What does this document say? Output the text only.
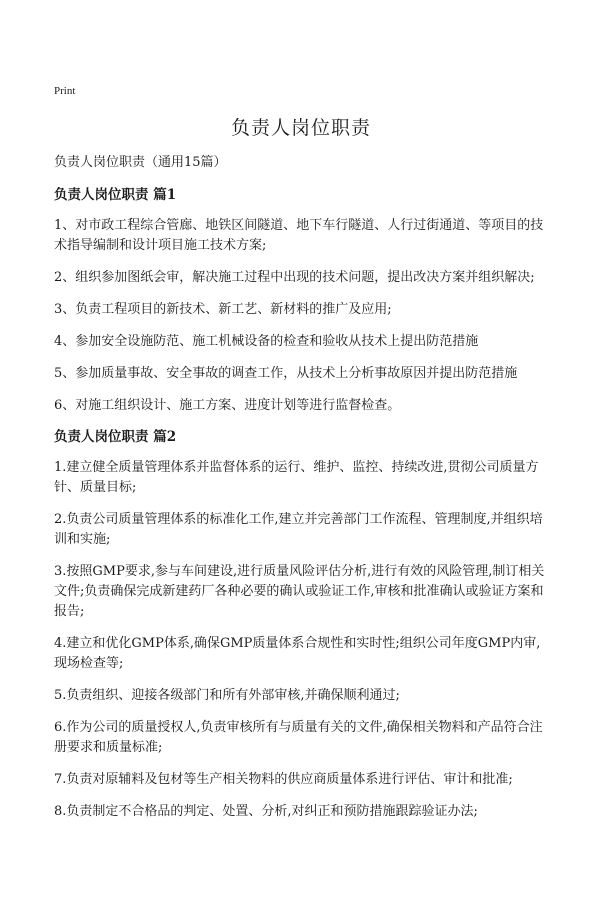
Print
负责人岗位职责
负责人岗位职责（通用15篇）
负责人岗位职责 篇1
1、对市政工程综合管廊、地铁区间隧道、地下车行隧道、人行过街通道、等项目的技术指导编制和设计项目施工技术方案;
2、组织参加图纸会审，解决施工过程中出现的技术问题，提出改决方案并组织解决;
3、负责工程项目的新技术、新工艺、新材料的推广及应用;
4、参加安全设施防范、施工机械设备的检查和验收从技术上提出防范措施
5、参加质量事故、安全事故的调查工作，从技术上分析事故原因并提出防范措施
6、对施工组织设计、施工方案、进度计划等进行监督检查。
负责人岗位职责 篇2
1.建立健全质量管理体系并监督体系的运行、维护、监控、持续改进,贯彻公司质量方针、质量目标;
2.负责公司质量管理体系的标准化工作,建立并完善部门工作流程、管理制度,并组织培训和实施;
3.按照GMP要求,参与车间建设,进行质量风险评估分析,进行有效的风险管理,制订相关文件;负责确保完成新建药厂各种必要的确认或验证工作,审核和批准确认或验证方案和报告;
4.建立和优化GMP体系,确保GMP质量体系合规性和实时性;组织公司年度GMP内审,现场检查等;
5.负责组织、迎接各级部门和所有外部审核,并确保顺利通过;
6.作为公司的质量授权人,负责审核所有与质量有关的文件,确保相关物料和产品符合注册要求和质量标准;
7.负责对原辅料及包材等生产相关物料的供应商质量体系进行评估、审计和批准;
8.负责制定不合格品的判定、处置、分析,对纠正和预防措施跟踪验证办法;
